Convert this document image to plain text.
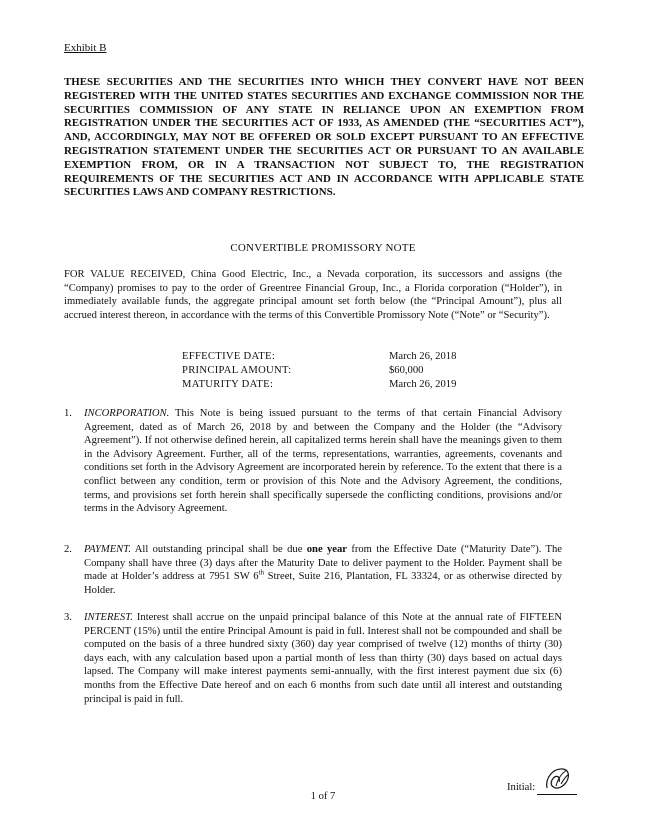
Exhibit B
THESE SECURITIES AND THE SECURITIES INTO WHICH THEY CONVERT HAVE NOT BEEN REGISTERED WITH THE UNITED STATES SECURITIES AND EXCHANGE COMMISSION NOR THE SECURITIES COMMISSION OF ANY STATE IN RELIANCE UPON AN EXEMPTION FROM REGISTRATION UNDER THE SECURITIES ACT OF 1933, AS AMENDED (THE “SECURITIES ACT”), AND, ACCORDINGLY, MAY NOT BE OFFERED OR SOLD EXCEPT PURSUANT TO AN EFFECTIVE REGISTRATION STATEMENT UNDER THE SECURITIES ACT OR PURSUANT TO AN AVAILABLE EXEMPTION FROM, OR IN A TRANSACTION NOT SUBJECT TO, THE REGISTRATION REQUIREMENTS OF THE SECURITIES ACT AND IN ACCORDANCE WITH APPLICABLE STATE SECURITIES LAWS AND COMPANY RESTRICTIONS.
CONVERTIBLE PROMISSORY NOTE
FOR VALUE RECEIVED, China Good Electric, Inc., a Nevada corporation, its successors and assigns (the “Company) promises to pay to the order of Greentree Financial Group, Inc., a Florida corporation (“Holder”), in immediately available funds, the aggregate principal amount set forth below (the “Principal Amount”), plus all accrued interest thereon, in accordance with the terms of this Convertible Promissory Note (“Note” or “Security”).
EFFECTIVE DATE:	March 26, 2018
PRINCIPAL AMOUNT:	$60,000
MATURITY DATE:	March 26, 2019
1. INCORPORATION. This Note is being issued pursuant to the terms of that certain Financial Advisory Agreement, dated as of March 26, 2018 by and between the Company and the Holder (the “Advisory Agreement”). If not otherwise defined herein, all capitalized terms herein shall have the meanings given to them in the Advisory Agreement. Further, all of the terms, representations, warranties, agreements, covenants and conditions set forth in the Advisory Agreement are incorporated herein by reference. To the extent that there is a conflict between any condition, term or provision of this Note and the Advisory Agreement, the conditions, terms, and provisions set forth herein shall specifically supersede the conflicting conditions, provisions and/or terms in the Advisory Agreement.
2. PAYMENT. All outstanding principal shall be due one year from the Effective Date (“Maturity Date”). The Company shall have three (3) days after the Maturity Date to deliver payment to the Holder. Payment shall be made at Holder’s address at 7951 SW 6th Street, Suite 216, Plantation, FL 33324, or as otherwise directed by Holder.
3. INTEREST. Interest shall accrue on the unpaid principal balance of this Note at the annual rate of FIFTEEN PERCENT (15%) until the entire Principal Amount is paid in full. Interest shall not be compounded and shall be computed on the basis of a three hundred sixty (360) day year comprised of twelve (12) months of thirty (30) days each, with any calculation based upon a partial month of less than thirty (30) days based on actual days lapsed. The Company will make interest payments semi-annually, with the first interest payment due six (6) months from the Effective Date hereof and on each 6 months from such date until all interest and outstanding principal is paid in full.
Initial:
1 of 7
